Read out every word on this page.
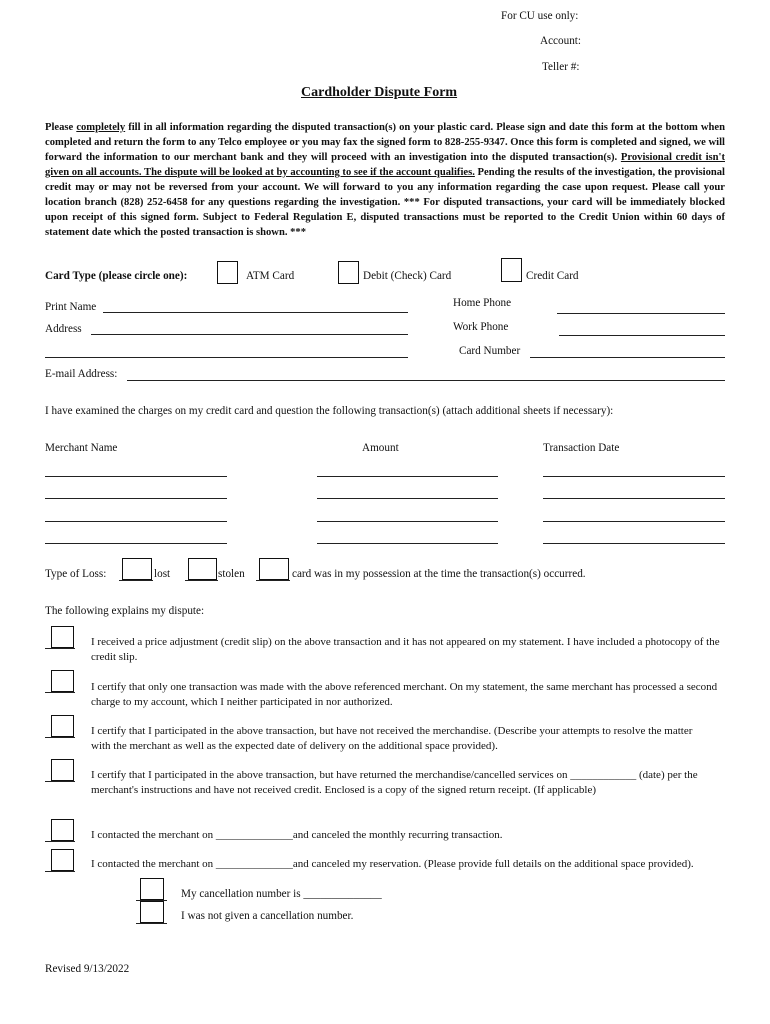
For CU use only:
Account:
Teller #:
Cardholder Dispute Form
Please completely fill in all information regarding the disputed transaction(s) on your plastic card. Please sign and date this form at the bottom when completed and return the form to any Telco employee or you may fax the signed form to 828-255-9347. Once this form is completed and signed, we will forward the information to our merchant bank and they will proceed with an investigation into the disputed transaction(s). Provisional credit isn't given on all accounts. The dispute will be looked at by accounting to see if the account qualifies. Pending the results of the investigation, the provisional credit may or may not be reversed from your account. We will forward to you any information regarding the case upon request. Please call your location branch (828) 252-6458 for any questions regarding the investigation. *** For disputed transactions, your card will be immediately blocked upon receipt of this signed form. Subject to Federal Regulation E, disputed transactions must be reported to the Credit Union within 60 days of statement date which the posted transaction is shown. ***
Card Type (please circle one):	ATM Card	Debit (Check) Card	Credit Card
Print Name
Address
Home Phone
Work Phone
Card Number
E-mail Address:
I have examined the charges on my credit card and question the following transaction(s) (attach additional sheets if necessary):
Merchant Name	Amount	Transaction Date
Type of Loss:	lost	stolen	card was in my possession at the time the transaction(s) occurred.
The following explains my dispute:
I received a price adjustment (credit slip) on the above transaction and it has not appeared on my statement. I have included a photocopy of the credit slip.
I certify that only one transaction was made with the above referenced merchant. On my statement, the same merchant has processed a second charge to my account, which I neither participated in nor authorized.
I certify that I participated in the above transaction, but have not received the merchandise. (Describe your attempts to resolve the matter with the merchant as well as the expected date of delivery on the additional space provided).
I certify that I participated in the above transaction, but have returned the merchandise/cancelled services on ____________ (date) per the merchant's instructions and have not received credit. Enclosed is a copy of the signed return receipt. (If applicable)
I contacted the merchant on ______________and canceled the monthly recurring transaction.
I contacted the merchant on ______________and canceled my reservation. (Please provide full details on the additional space provided).
My cancellation number is ______________
I was not given a cancellation number.
Revised 9/13/2022
